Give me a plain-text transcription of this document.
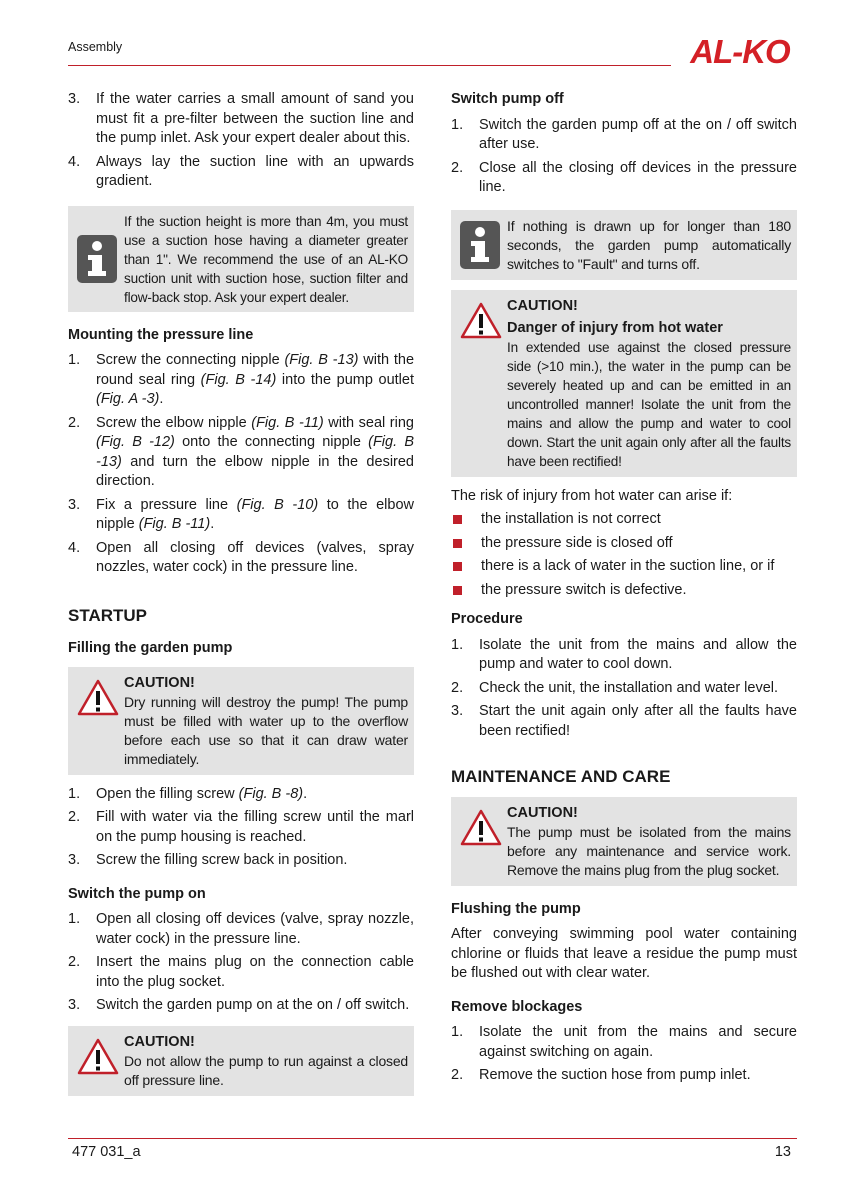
Assembly	AL-KO
3. If the water carries a small amount of sand you must fit a pre-filter between the suction line and the pump inlet. Ask your expert dealer about this.
4. Always lay the suction line with an upwards gradient.
If the suction height is more than 4m, you must use a suction hose having a diameter greater than 1". We recommend the use of an AL-KO suction unit with suction hose, suction filter and flow-back stop. Ask your expert dealer.
Mounting the pressure line
1. Screw the connecting nipple (Fig. B -13) with the round seal ring (Fig. B -14) into the pump outlet (Fig. A -3).
2. Screw the elbow nipple (Fig. B -11) with seal ring (Fig. B -12) onto the connecting nipple (Fig. B -13) and turn the elbow nipple in the desired direction.
3. Fix a pressure line (Fig. B -10) to the elbow nipple (Fig. B -11).
4. Open all closing off devices (valves, spray nozzles, water cock) in the pressure line.
STARTUP
Filling the garden pump
CAUTION!
Dry running will destroy the pump! The pump must be filled with water up to the overflow before each use so that it can draw water immediately.
1. Open the filling screw (Fig. B -8).
2. Fill with water via the filling screw until the marl on the pump housing is reached.
3. Screw the filling screw back in position.
Switch the pump on
1. Open all closing off devices (valve, spray nozzle, water cock) in the pressure line.
2. Insert the mains plug on the connection cable into the plug socket.
3. Switch the garden pump on at the on / off switch.
CAUTION!
Do not allow the pump to run against a closed off pressure line.
Switch pump off
1. Switch the garden pump off at the on / off switch after use.
2. Close all the closing off devices in the pressure line.
If nothing is drawn up for longer than 180 seconds, the garden pump automatically switches to "Fault" and turns off.
CAUTION!
Danger of injury from hot water
In extended use against the closed pressure side (>10 min.), the water in the pump can be severely heated up and can be emitted in an uncontrolled manner! Isolate the unit from the mains and allow the pump and water to cool down. Start the unit again only after all the faults have been rectified!

The risk of injury from hot water can arise if:

the installation is not correct
the pressure side is closed off
there is a lack of water in the suction line, or if
the pressure switch is defective.
Procedure
1. Isolate the unit from the mains and allow the pump and water to cool down.
2. Check the unit, the installation and water level.
3. Start the unit again only after all the faults have been rectified!
MAINTENANCE AND CARE
CAUTION!
The pump must be isolated from the mains before any maintenance and service work. Remove the mains plug from the plug socket.
Flushing the pump

After conveying swimming pool water containing chlorine or fluids that leave a residue the pump must be flushed out with clear water.

Remove blockages
1. Isolate the unit from the mains and secure against switching on again.
2. Remove the suction hose from pump inlet.
477 031_a	13
